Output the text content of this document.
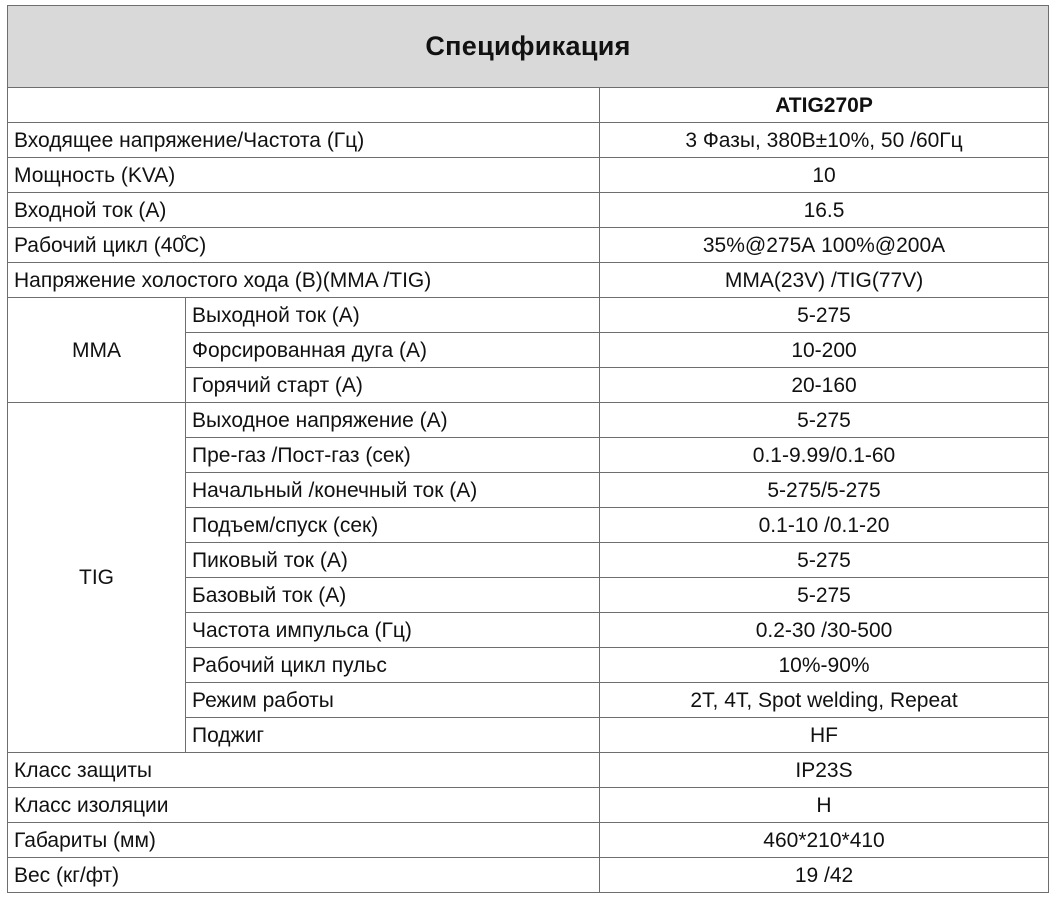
Спецификация		
		ATIG270P
Входящее напряжение/Частота (Гц)		3 Фазы, 380В±10%, 50 /60Гц
Мощность (KVA)		10
Входной ток (А)		16.5
Рабочий цикл (40̊С)		35%@275А 100%@200А
Напряжение холостого хода (В)(MMA /TIG)		MMA(23V) /TIG(77V)
MMA	Выходной ток (А)	5-275
	Форсированная дуга (А)	10-200
	Горячий старт (А)	20-160
TIG	Выходное напряжение (А)	5-275
	Пре-газ /Пост-газ (сек)	0.1-9.99/0.1-60
	Начальный /конечный ток (А)	5-275/5-275
	Подъем/спуск (сек)	0.1-10 /0.1-20
	Пиковый ток (А)	5-275
	Базовый ток (А)	5-275
	Частота импульса (Гц)	0.2-30 /30-500
	Рабочий цикл пульс	10%-90%
	Режим работы	2T, 4T, Spot welding, Repeat
	Поджиг	HF
Класс защиты		IP23S
Класс изоляции		H
Габариты (мм)		460*210*410
Вес (кг/фт)		19 /42
